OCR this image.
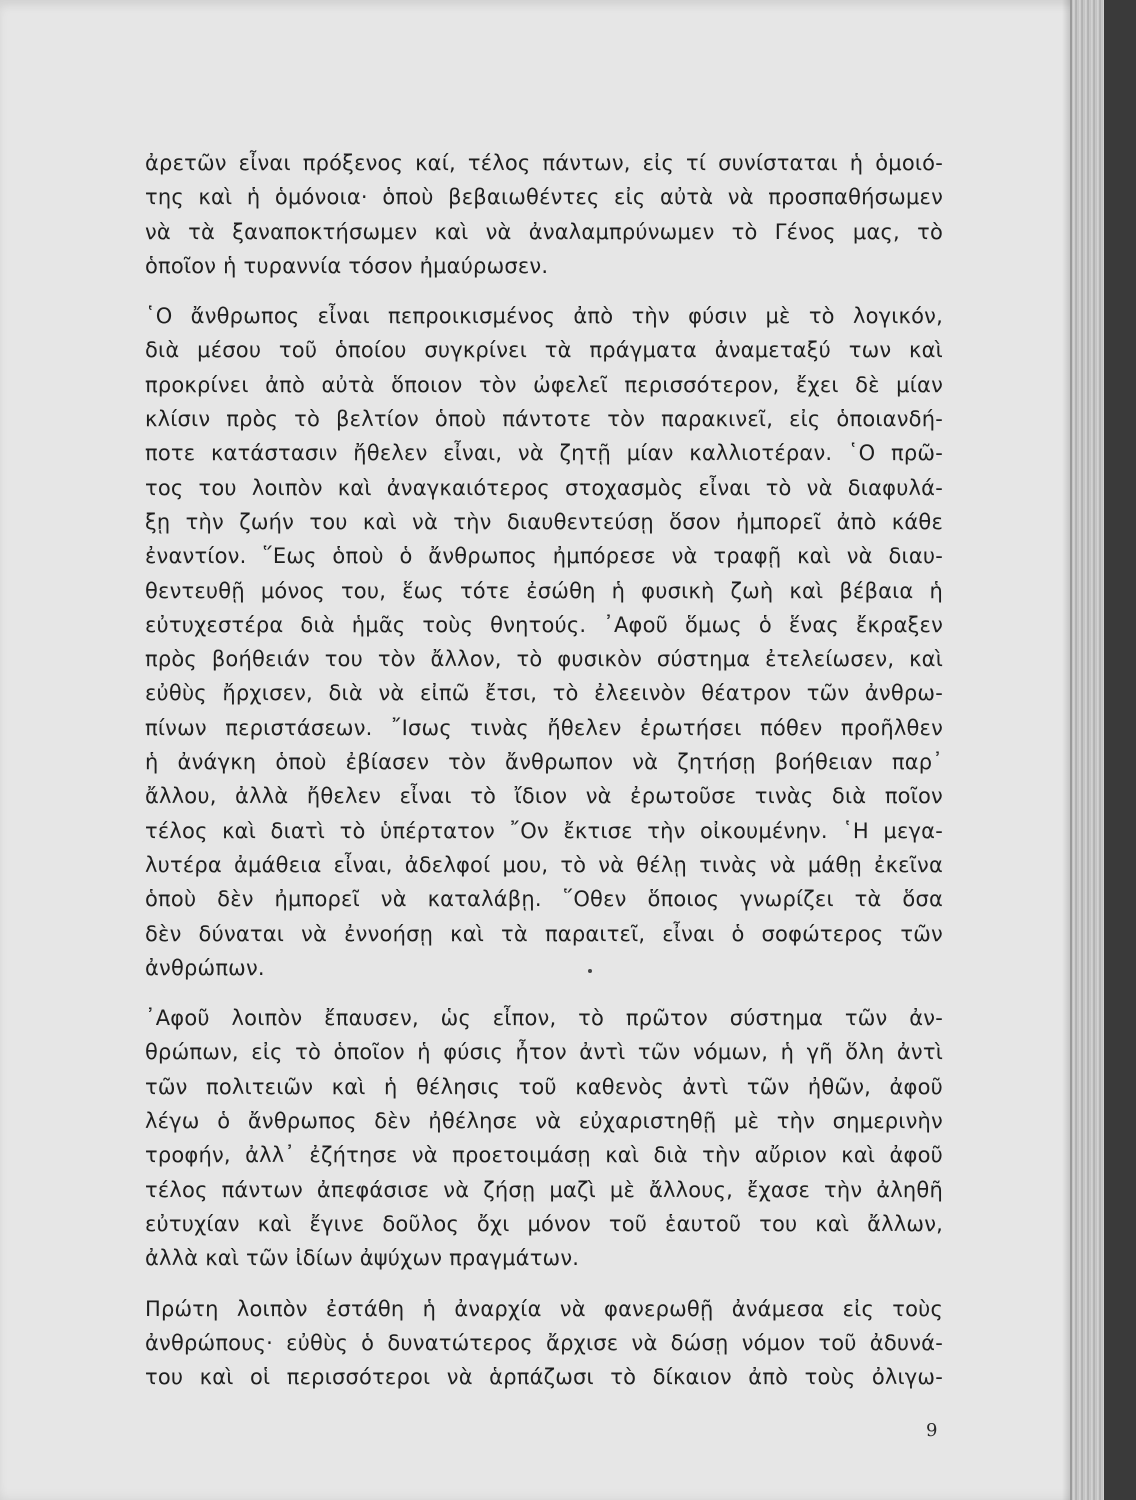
ἀρετῶν εἶναι πρόξενος καί, τέλος πάντων, εἰς τί συνίσταται ἡ ὁμοιό-
της καὶ ἡ ὁμόνοια· ὁποὺ βεβαιωθέντες εἰς αὐτὰ νὰ προσπαθήσωμεν
νὰ τὰ ξαναποκτήσωμεν καὶ νὰ ἀναλαμπρύνωμεν τὸ Γένος μας, τὸ
ὁποῖον ἡ τυραννία τόσον ἠμαύρωσεν.
῾Ο ἄνθρωπος εἶναι πεπροικισμένος ἀπὸ τὴν φύσιν μὲ τὸ λογικόν,
διὰ μέσου τοῦ ὁποίου συγκρίνει τὰ πράγματα ἀναμεταξύ των καὶ
προκρίνει ἀπὸ αὐτὰ ὅποιον τὸν ὠφελεῖ περισσότερον, ἔχει δὲ μίαν
κλίσιν πρὸς τὸ βελτίον ὁποὺ πάντοτε τὸν παρακινεῖ, εἰς ὁποιανδή-
ποτε κατάστασιν ἤθελεν εἶναι, νὰ ζητῇ μίαν καλλιοτέραν. ῾Ο πρῶ-
τος του λοιπὸν καὶ ἀναγκαιότερος στοχασμὸς εἶναι τὸ νὰ διαφυλά-
ξῃ τὴν ζωήν του καὶ νὰ τὴν διαυθεντεύσῃ ὅσον ἠμπορεῖ ἀπὸ κάθε
ἐναντίον. ῞Εως ὁποὺ ὁ ἄνθρωπος ἠμπόρεσε νὰ τραφῇ καὶ νὰ διαυ-
θεντευθῇ μόνος του, ἕως τότε ἐσώθη ἡ φυσικὴ ζωὴ καὶ βέβαια ἡ
εὐτυχεστέρα διὰ ἡμᾶς τοὺς θνητούς. ᾿Αφοῦ ὅμως ὁ ἕνας ἔκραξεν
πρὸς βοήθειάν του τὸν ἄλλον, τὸ φυσικὸν σύστημα ἐτελείωσεν, καὶ
εὐθὺς ἤρχισεν, διὰ νὰ εἰπῶ ἔτσι, τὸ ἐλεεινὸν θέατρον τῶν ἀνθρω-
πίνων περιστάσεων. ῎Ισως τινὰς ἤθελεν ἐρωτήσει πόθεν προῆλθεν
ἡ ἀνάγκη ὁποὺ ἐβίασεν τὸν ἄνθρωπον νὰ ζητήσῃ βοήθειαν παρ᾿
ἄλλου, ἀλλὰ ἤθελεν εἶναι τὸ ἴδιον νὰ ἐρωτοῦσε τινὰς διὰ ποῖον
τέλος καὶ διατὶ τὸ ὑπέρτατον ῎Ον ἔκτισε τὴν οἰκουμένην. ῾Η μεγα-
λυτέρα ἀμάθεια εἶναι, ἀδελφοί μου, τὸ νὰ θέλῃ τινὰς νὰ μάθῃ ἐκεῖνα
ὁποὺ δὲν ἠμπορεῖ νὰ καταλάβῃ. ῞Οθεν ὅποιος γνωρίζει τὰ ὅσα
δὲν δύναται νὰ ἐννοήσῃ καὶ τὰ παραιτεῖ, εἶναι ὁ σοφώτερος τῶν
ἀνθρώπων.
᾿Αφοῦ λοιπὸν ἔπαυσεν, ὡς εἶπον, τὸ πρῶτον σύστημα τῶν ἀν-
θρώπων, εἰς τὸ ὁποῖον ἡ φύσις ἦτον ἀντὶ τῶν νόμων, ἡ γῆ ὅλη ἀντὶ
τῶν πολιτειῶν καὶ ἡ θέλησις τοῦ καθενὸς ἀντὶ τῶν ἠθῶν, ἀφοῦ
λέγω ὁ ἄνθρωπος δὲν ἠθέλησε νὰ εὐχαριστηθῇ μὲ τὴν σημερινὴν
τροφήν, ἀλλ᾿ ἐζήτησε νὰ προετοιμάσῃ καὶ διὰ τὴν αὔριον καὶ ἀφοῦ
τέλος πάντων ἀπεφάσισε νὰ ζήσῃ μαζὶ μὲ ἄλλους, ἔχασε τὴν ἀληθῆ
εὐτυχίαν καὶ ἔγινε δοῦλος ὄχι μόνον τοῦ ἑαυτοῦ του καὶ ἄλλων,
ἀλλὰ καὶ τῶν ἰδίων ἀψύχων πραγμάτων.
Πρώτη λοιπὸν ἐστάθη ἡ ἀναρχία νὰ φανερωθῇ ἀνάμεσα εἰς τοὺς
ἀνθρώπους· εὐθὺς ὁ δυνατώτερος ἄρχισε νὰ δώσῃ νόμον τοῦ ἀδυνά-
του καὶ οἱ περισσότεροι νὰ ἁρπάζωσι τὸ δίκαιον ἀπὸ τοὺς ὀλιγω-
9
